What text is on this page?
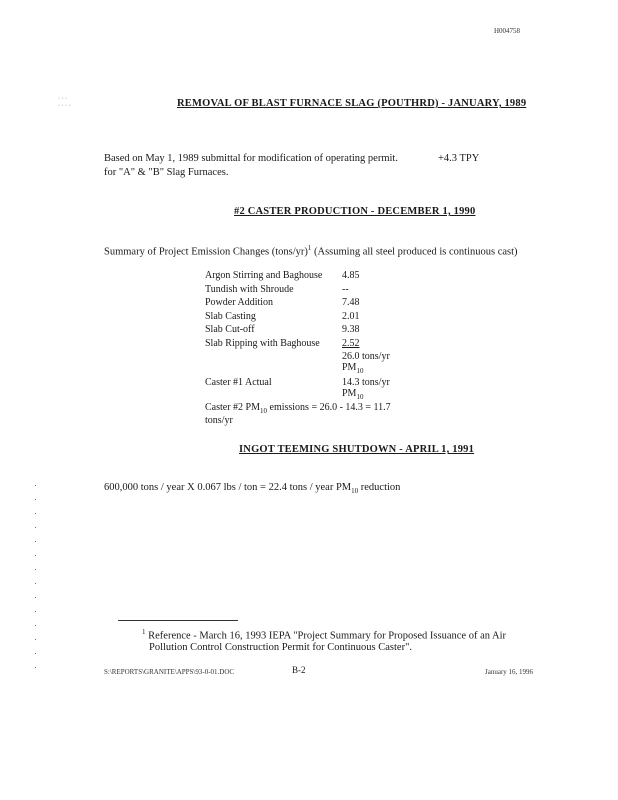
H004758
· · ·
· · · ·	REMOVAL OF BLAST FURNACE SLAG (POUTHRD) - JANUARY, 1989
Based on May 1, 1989 submittal for modification of operating permit.	+4.3 TPY
for "A" & "B" Slag Furnaces.
#2 CASTER PRODUCTION - DECEMBER 1, 1990
Summary of Project Emission Changes (tons/yr)$^1$ (Assuming all steel produced is continuous cast)
Argon Stirring and Baghouse 4.85
Tundish with Shroude	--
Powder Addition	7.48
Slab Casting	2.01
Slab Cut-off	9.38
Slab Ripping with Baghouse 2.52
26.0 tons/yr $PM_{10}$
Caster #1 Actual	14.3 tons/yr $PM_{10}$
Caster #2 $PM_{10}$ emissions = 26.0 - 14.3 = 11.7 tons/yr
INGOT TEEMING SHUTDOWN - APRIL 1, 1991
600,000 tons / year X 0.067 lbs / ton = 22.4 tons / year $PM_{10}$ reduction
$^1$ Reference - March 16, 1993 IEPA "Project Summary for Proposed Issuance of an Air
Pollution Control Construction Permit for Continuous Caster".
S:\REPORTS\GRANITE\APPS\93-0-01.DOC	B-2	January 16, 1996
